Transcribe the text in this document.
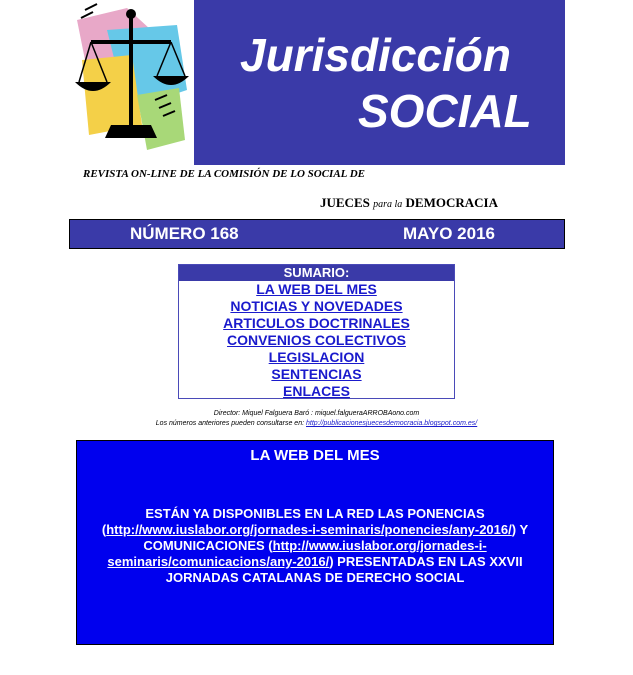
Jurisdicción
SOCIAL
REVISTA ON-LINE DE LA COMISIÓN DE LO SOCIAL DE
JUECES para la DEMOCRACIA
NÚMERO 168	MAYO 2016
SUMARIO:
LA WEB DEL MES
NOTICIAS Y NOVEDADES
ARTICULOS DOCTRINALES
CONVENIOS COLECTIVOS
LEGISLACION
SENTENCIAS
ENLACES
Director: Miquel Falguera Baró : miquel.falgueraARROBAono.com
Los números anteriores pueden consultarse en: http://publicacionesjuecesdemocracia.blogspot.com.es/
LA WEB DEL MES
ESTÁN YA DISPONIBLES EN LA RED LAS PONENCIAS (http://www.iuslabor.org/jornades-i-seminaris/ponencies/any-2016/) Y COMUNICACIONES (http://www.iuslabor.org/jornades-i-seminaris/comunicacions/any-2016/) PRESENTADAS EN LAS XXVII JORNADAS CATALANAS DE DERECHO SOCIAL
